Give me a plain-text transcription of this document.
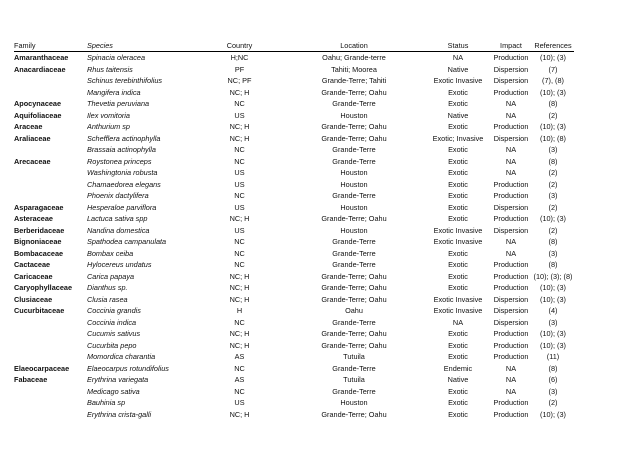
Family	Species	Country	Location	Status	Impact	References
Amaranthaceae	Spinacia oleracea	H;NC	Oahu; Grande-terre	NA	Production	(10); (3)
Anacardiaceae	Rhus taitensis	PF	Tahiti; Moorea	Native	Dispersion	(7)
	Schinus terebinthifolius	NC; PF	Grande-Terre; Tahiti	Exotic Invasive	Dispersion	(7), (8)
	Mangifera indica	NC; H	Grande-Terre; Oahu	Exotic	Production	(10); (3)
Apocynaceae	Thevetia peruviana	NC	Grande-Terre	Exotic	NA	(8)
Aquifoliaceae	Ilex vomitoria	US	Houston	Native	NA	(2)
Araceae	Anthurium sp	NC; H	Grande-Terre; Oahu	Exotic	Production	(10); (3)
Araliaceae	Schefflera actinophylla	NC; H	Grande-Terre; Oahu	Exotic; Invasive	Dispersion	(10); (8)
	Brassaia actinophylla	NC	Grande-Terre	Exotic	NA	(3)
Arecaceae	Roystonea princeps	NC	Grande-Terre	Exotic	NA	(8)
	Washingtonia robusta	US	Houston	Exotic	NA	(2)
	Chamaedorea elegans	US	Houston	Exotic	Production	(2)
	Phoenix dactylifera	NC	Grande-Terre	Exotic	Production	(3)
Asparagaceae	Hesperaloe parviflora	US	Houston	Exotic	Dispersion	(2)
Asteraceae	Lactuca sativa spp	NC; H	Grande-Terre; Oahu	Exotic	Production	(10); (3)
Berberidaceae	Nandina domestica	US	Houston	Exotic Invasive	Dispersion	(2)
Bignoniaceae	Spathodea campanulata	NC	Grande-Terre	Exotic Invasive	NA	(8)
Bombacaceae	Bombax ceiba	NC	Grande-Terre	Exotic	NA	(3)
Cactaceae	Hylocereus undatus	NC	Grande-Terre	Exotic	Production	(8)
Caricaceae	Carica papaya	NC; H	Grande-Terre; Oahu	Exotic	Production	(10); (3); (8)
Caryophyllaceae	Dianthus sp.	NC; H	Grande-Terre; Oahu	Exotic	Production	(10); (3)
Clusiaceae	Clusia rasea	NC; H	Grande-Terre; Oahu	Exotic Invasive	Dispersion	(10); (3)
Cucurbitaceae	Coccinia grandis	H	Oahu	Exotic Invasive	Dispersion	(4)
	Coccinia indica	NC	Grande-Terre	NA	Dispersion	(3)
	Cucumis sativus	NC; H	Grande-Terre; Oahu	Exotic	Production	(10); (3)
	Cucurbita pepo	NC; H	Grande-Terre; Oahu	Exotic	Production	(10); (3)
	Momordica charantia	AS	Tutuila	Exotic	Production	(11)
Elaeocarpaceae	Elaeocarpus rotundifolius	NC	Grande-Terre	Endemic	NA	(8)
Fabaceae	Erythrina variegata	AS	Tutuila	Native	NA	(6)
	Medicago sativa	NC	Grande-Terre	Exotic	NA	(3)
	Bauhinia sp	US	Houston	Exotic	Production	(2)
	Erythrina crista-galli	NC; H	Grande-Terre; Oahu	Exotic	Production	(10); (3)
